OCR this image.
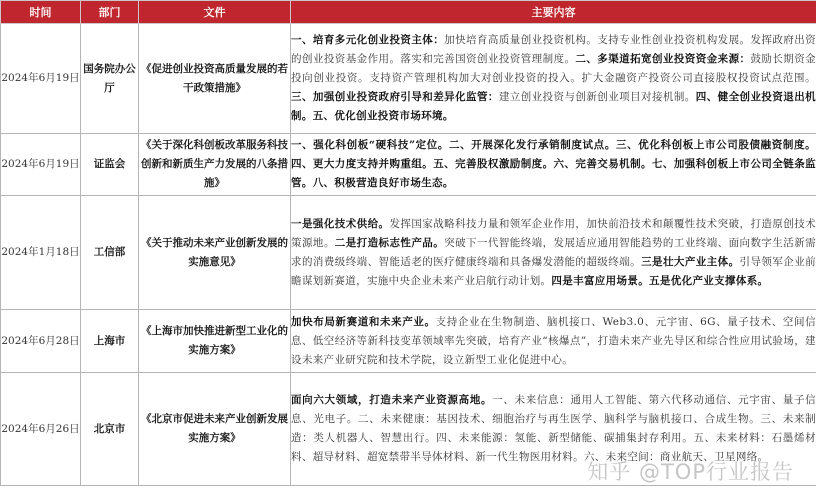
时间	部门	文件	主要内容
2024年6月19日	国务院办公厅	《促进创业投资高质量发展的若干政策措施》	一、培育多元化创业投资主体：加快培育高质量创业投资机构。支持专业性创业投资机构发展。发挥政府出资的创业投资基金作用。落实和完善国资创业投资管理制度。二、多渠道拓宽创业投资资金来源：鼓励长期资金投向创业投资。支持资产管理机构加大对创业投资的投入。扩大金融资产投资公司直接股权投资试点范围。三、加强创业投资政府引导和差异化监管：建立创业投资与创新创业项目对接机制。四、健全创业投资退出机制。五、优化创业投资市场环境。
2024年6月19日	证监会	《关于深化科创板改革服务科技创新和新质生产力发展的八条措施》	一、强化科创板“硬科技”定位。二、开展深化发行承销制度试点。三、优化科创板上市公司股债融资制度。四、更大力度支持并购重组。五、完善股权激励制度。六、完善交易机制。七、加强科创板上市公司全链条监管。八、积极营造良好市场生态。
2024年1月18日	工信部	《关于推动未来产业创新发展的实施意见》	一是强化技术供给。发挥国家战略科技力量和领军企业作用，加快前沿技术和颠覆性技术突破，打造原创技术策源地。二是打造标志性产品。突破下一代智能终端，发展适应通用智能趋势的工业终端、面向数字生活新需求的消费级终端、智能适老的医疗健康终端和具备爆发潜能的超级终端。三是壮大产业主体。引导领军企业前瞻谋划新赛道，实施中央企业未来产业启航行动计划。四是丰富应用场景。五是优化产业支撑体系。
2024年6月28日	上海市	《上海市加快推进新型工业化的实施方案》	加快布局新赛道和未来产业。支持企业在生物制造、脑机接口、Web3.0、元宇宙、6G、量子技术、空间信息、低空经济等新科技变革领域率先突破，培育产业“核爆点”，打造未来产业先导区和综合性应用试验场，建设未来产业研究院和技术学院，设立新型工业化促进中心。
2024年6月26日	北京市	《北京市促进未来产业创新发展实施方案》	面向六大领域，打造未来产业资源高地。一、未来信息：通用人工智能、第六代移动通信、元宇宙、量子信息、光电子。二、未来健康：基因技术、细胞治疗与再生医学、脑科学与脑机接口、合成生物。三、未来制造：类人机器人、智慧出行。四、未来能源：氢能、新型储能、碳捕集封存利用。五、未来材料：石墨烯材料、超导材料、超宽禁带半导体材料、新一代生物医用材料。六、未来空间：商业航天、卫星网络。
知乎 @TOP行业报告
